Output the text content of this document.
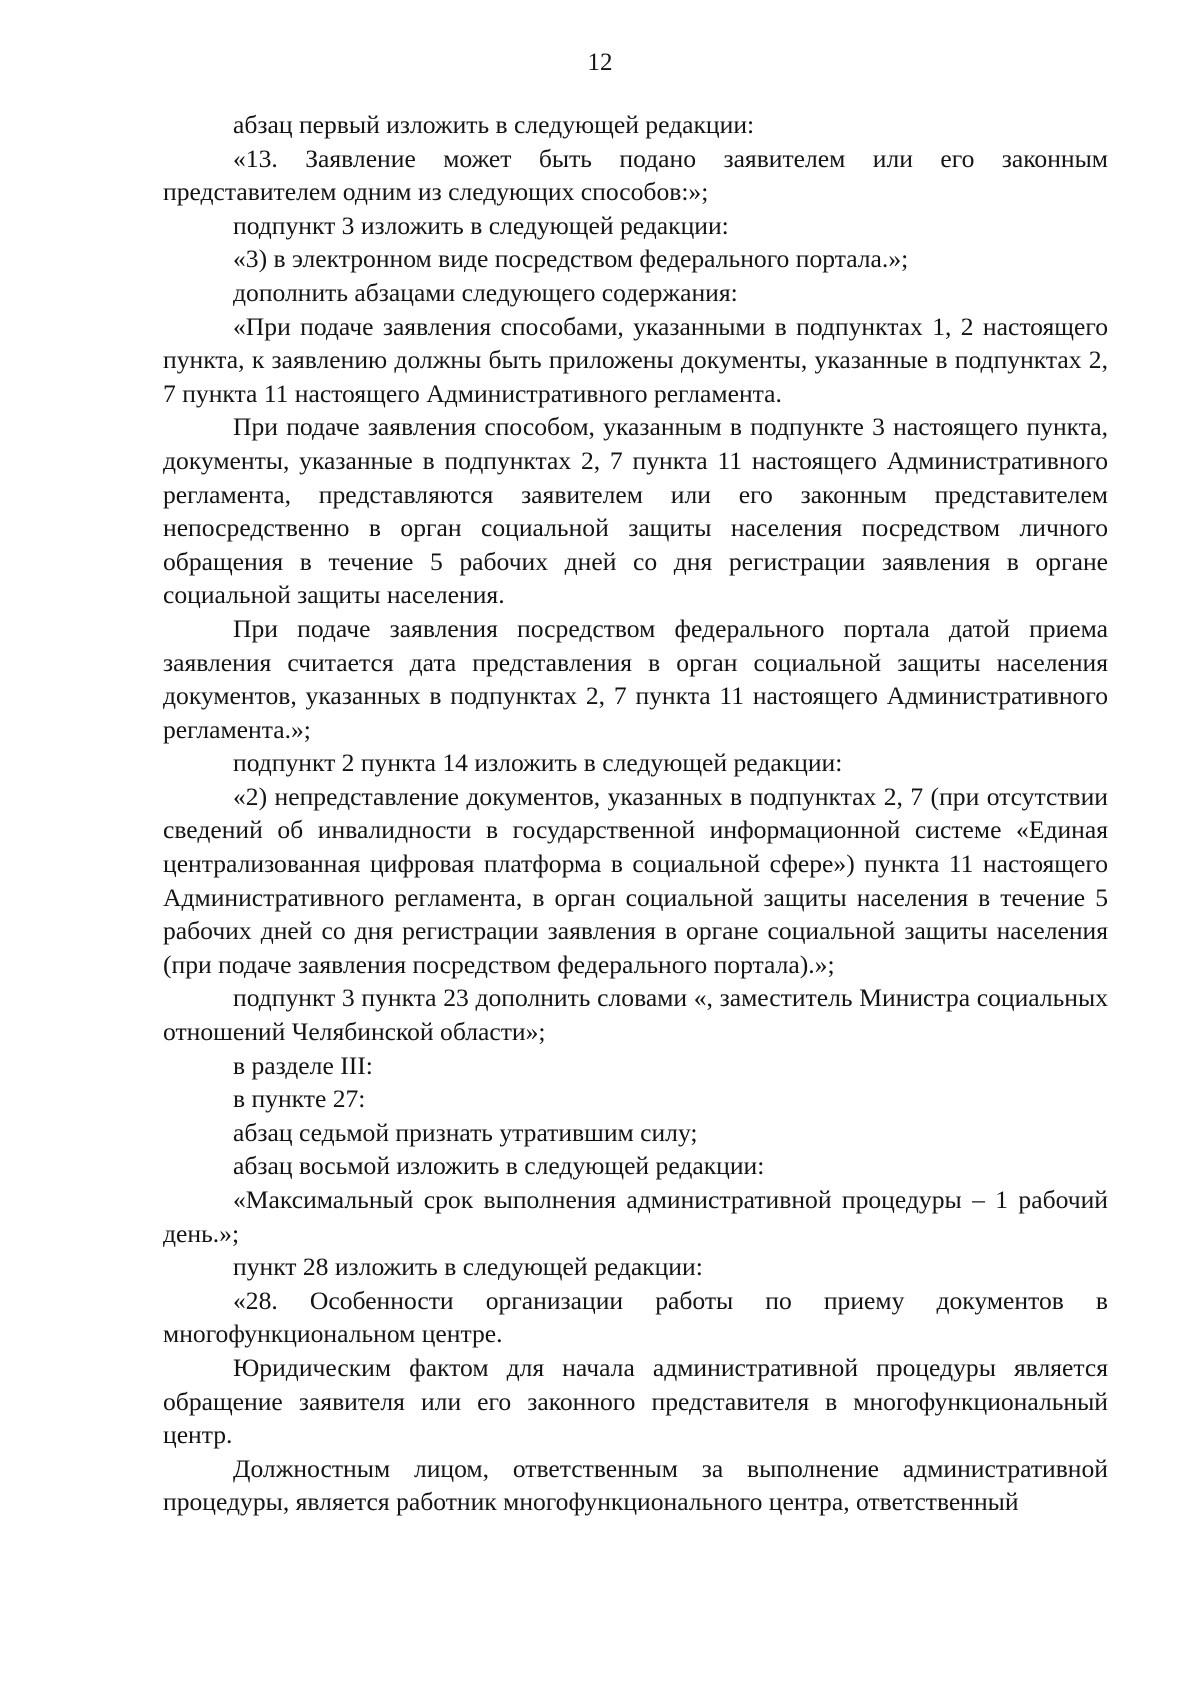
12

абзац первый изложить в следующей редакции:

«13. Заявление может быть подано заявителем или его законным представителем одним из следующих способов:»;

подпункт 3 изложить в следующей редакции:

«3) в электронном виде посредством федерального портала.»;

дополнить абзацами следующего содержания:

«При подаче заявления способами, указанными в подпунктах 1, 2 настоящего пункта, к заявлению должны быть приложены документы, указанные в подпунктах 2, 7 пункта 11 настоящего Административного регламента.

При подаче заявления способом, указанным в подпункте 3 настоящего пункта, документы, указанные в подпунктах 2, 7 пункта 11 настоящего Административного регламента, представляются заявителем или его законным представителем непосредственно в орган социальной защиты населения посредством личного обращения в течение 5 рабочих дней со дня регистрации заявления в органе социальной защиты населения.

При подаче заявления посредством федерального портала датой приема заявления считается дата представления в орган социальной защиты населения документов, указанных в подпунктах 2, 7 пункта 11 настоящего Административного регламента.»;

подпункт 2 пункта 14 изложить в следующей редакции:

«2) непредставление документов, указанных в подпунктах 2, 7 (при отсутствии сведений об инвалидности в государственной информационной системе «Единая централизованная цифровая платформа в социальной сфере») пункта 11 настоящего Административного регламента, в орган социальной защиты населения в течение 5 рабочих дней со дня регистрации заявления в органе социальной защиты населения (при подаче заявления посредством федерального портала).»;

подпункт 3 пункта 23 дополнить словами «, заместитель Министра социальных отношений Челябинской области»;

в разделе III:

в пункте 27:

абзац седьмой признать утратившим силу;

абзац восьмой изложить в следующей редакции:

«Максимальный срок выполнения административной процедуры – 1 рабочий день.»;

пункт 28 изложить в следующей редакции:

«28. Особенности организации работы по приему документов в многофункциональном центре.

Юридическим фактом для начала административной процедуры является обращение заявителя или его законного представителя в многофункциональный центр.

Должностным лицом, ответственным за выполнение административной процедуры, является работник многофункционального центра, ответственный
